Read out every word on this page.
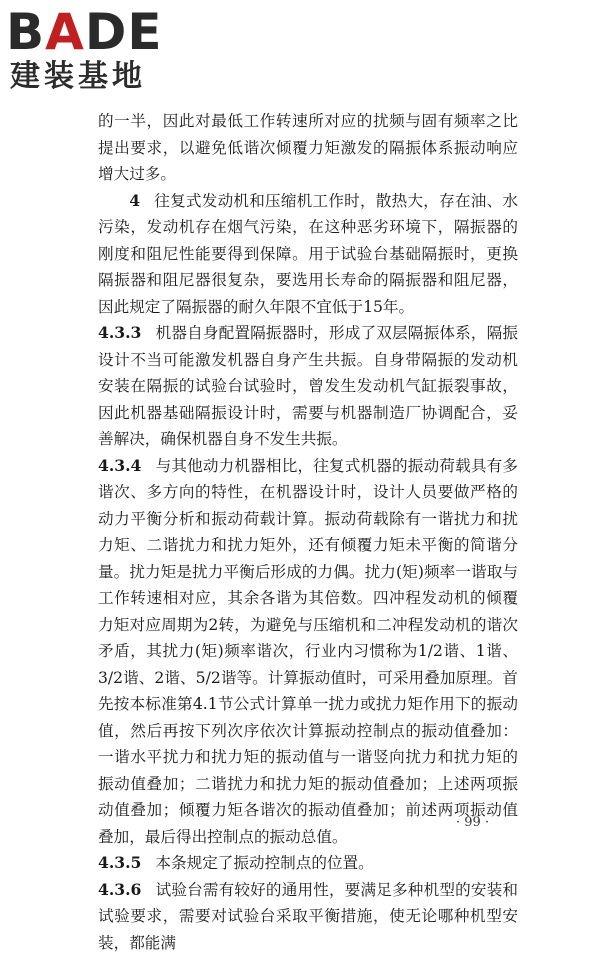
BADE
建装基地

的一半，因此对最低工作转速所对应的扰频与固有频率之比提出要求，以避免低谐次倾覆力矩激发的隔振体系振动响应增大过多。

4 往复式发动机和压缩机工作时，散热大，存在油、水污染，发动机存在烟气污染，在这种恶劣环境下，隔振器的刚度和阻尼性能要得到保障。用于试验台基础隔振时，更换隔振器和阻尼器很复杂，要选用长寿命的隔振器和阻尼器，因此规定了隔振器的耐久年限不宜低于15年。

4.3.3 机器自身配置隔振器时，形成了双层隔振体系，隔振设计不当可能激发机器自身产生共振。自身带隔振的发动机安装在隔振的试验台试验时，曾发生发动机气缸振裂事故，因此机器基础隔振设计时，需要与机器制造厂协调配合，妥善解决，确保机器自身不发生共振。

4.3.4 与其他动力机器相比，往复式机器的振动荷载具有多谐次、多方向的特性，在机器设计时，设计人员要做严格的动力平衡分析和振动荷载计算。振动荷载除有一谐扰力和扰力矩、二谐扰力和扰力矩外，还有倾覆力矩未平衡的简谐分量。扰力矩是扰力平衡后形成的力偶。扰力(矩)频率一谐取与工作转速相对应，其余各谐为其倍数。四冲程发动机的倾覆力矩对应周期为2转，为避免与压缩机和二冲程发动机的谐次矛盾，其扰力(矩)频率谐次，行业内习惯称为1/2谐、1谐、3/2谐、2谐、5/2谐等。计算振动值时，可采用叠加原理。首先按本标准第4.1节公式计算单一扰力或扰力矩作用下的振动值，然后再按下列次序依次计算振动控制点的振动值叠加：一谐水平扰力和扰力矩的振动值与一谐竖向扰力和扰力矩的振动值叠加；二谐扰力和扰力矩的振动值叠加；上述两项振动值叠加；倾覆力矩各谐次的振动值叠加；前述两项振动值叠加，最后得出控制点的振动总值。

4.3.5 本条规定了振动控制点的位置。

4.3.6 试验台需有较好的通用性，要满足多种机型的安装和试验要求，需要对试验台采取平衡措施，使无论哪种机型安装，都能满

· 99 ·
